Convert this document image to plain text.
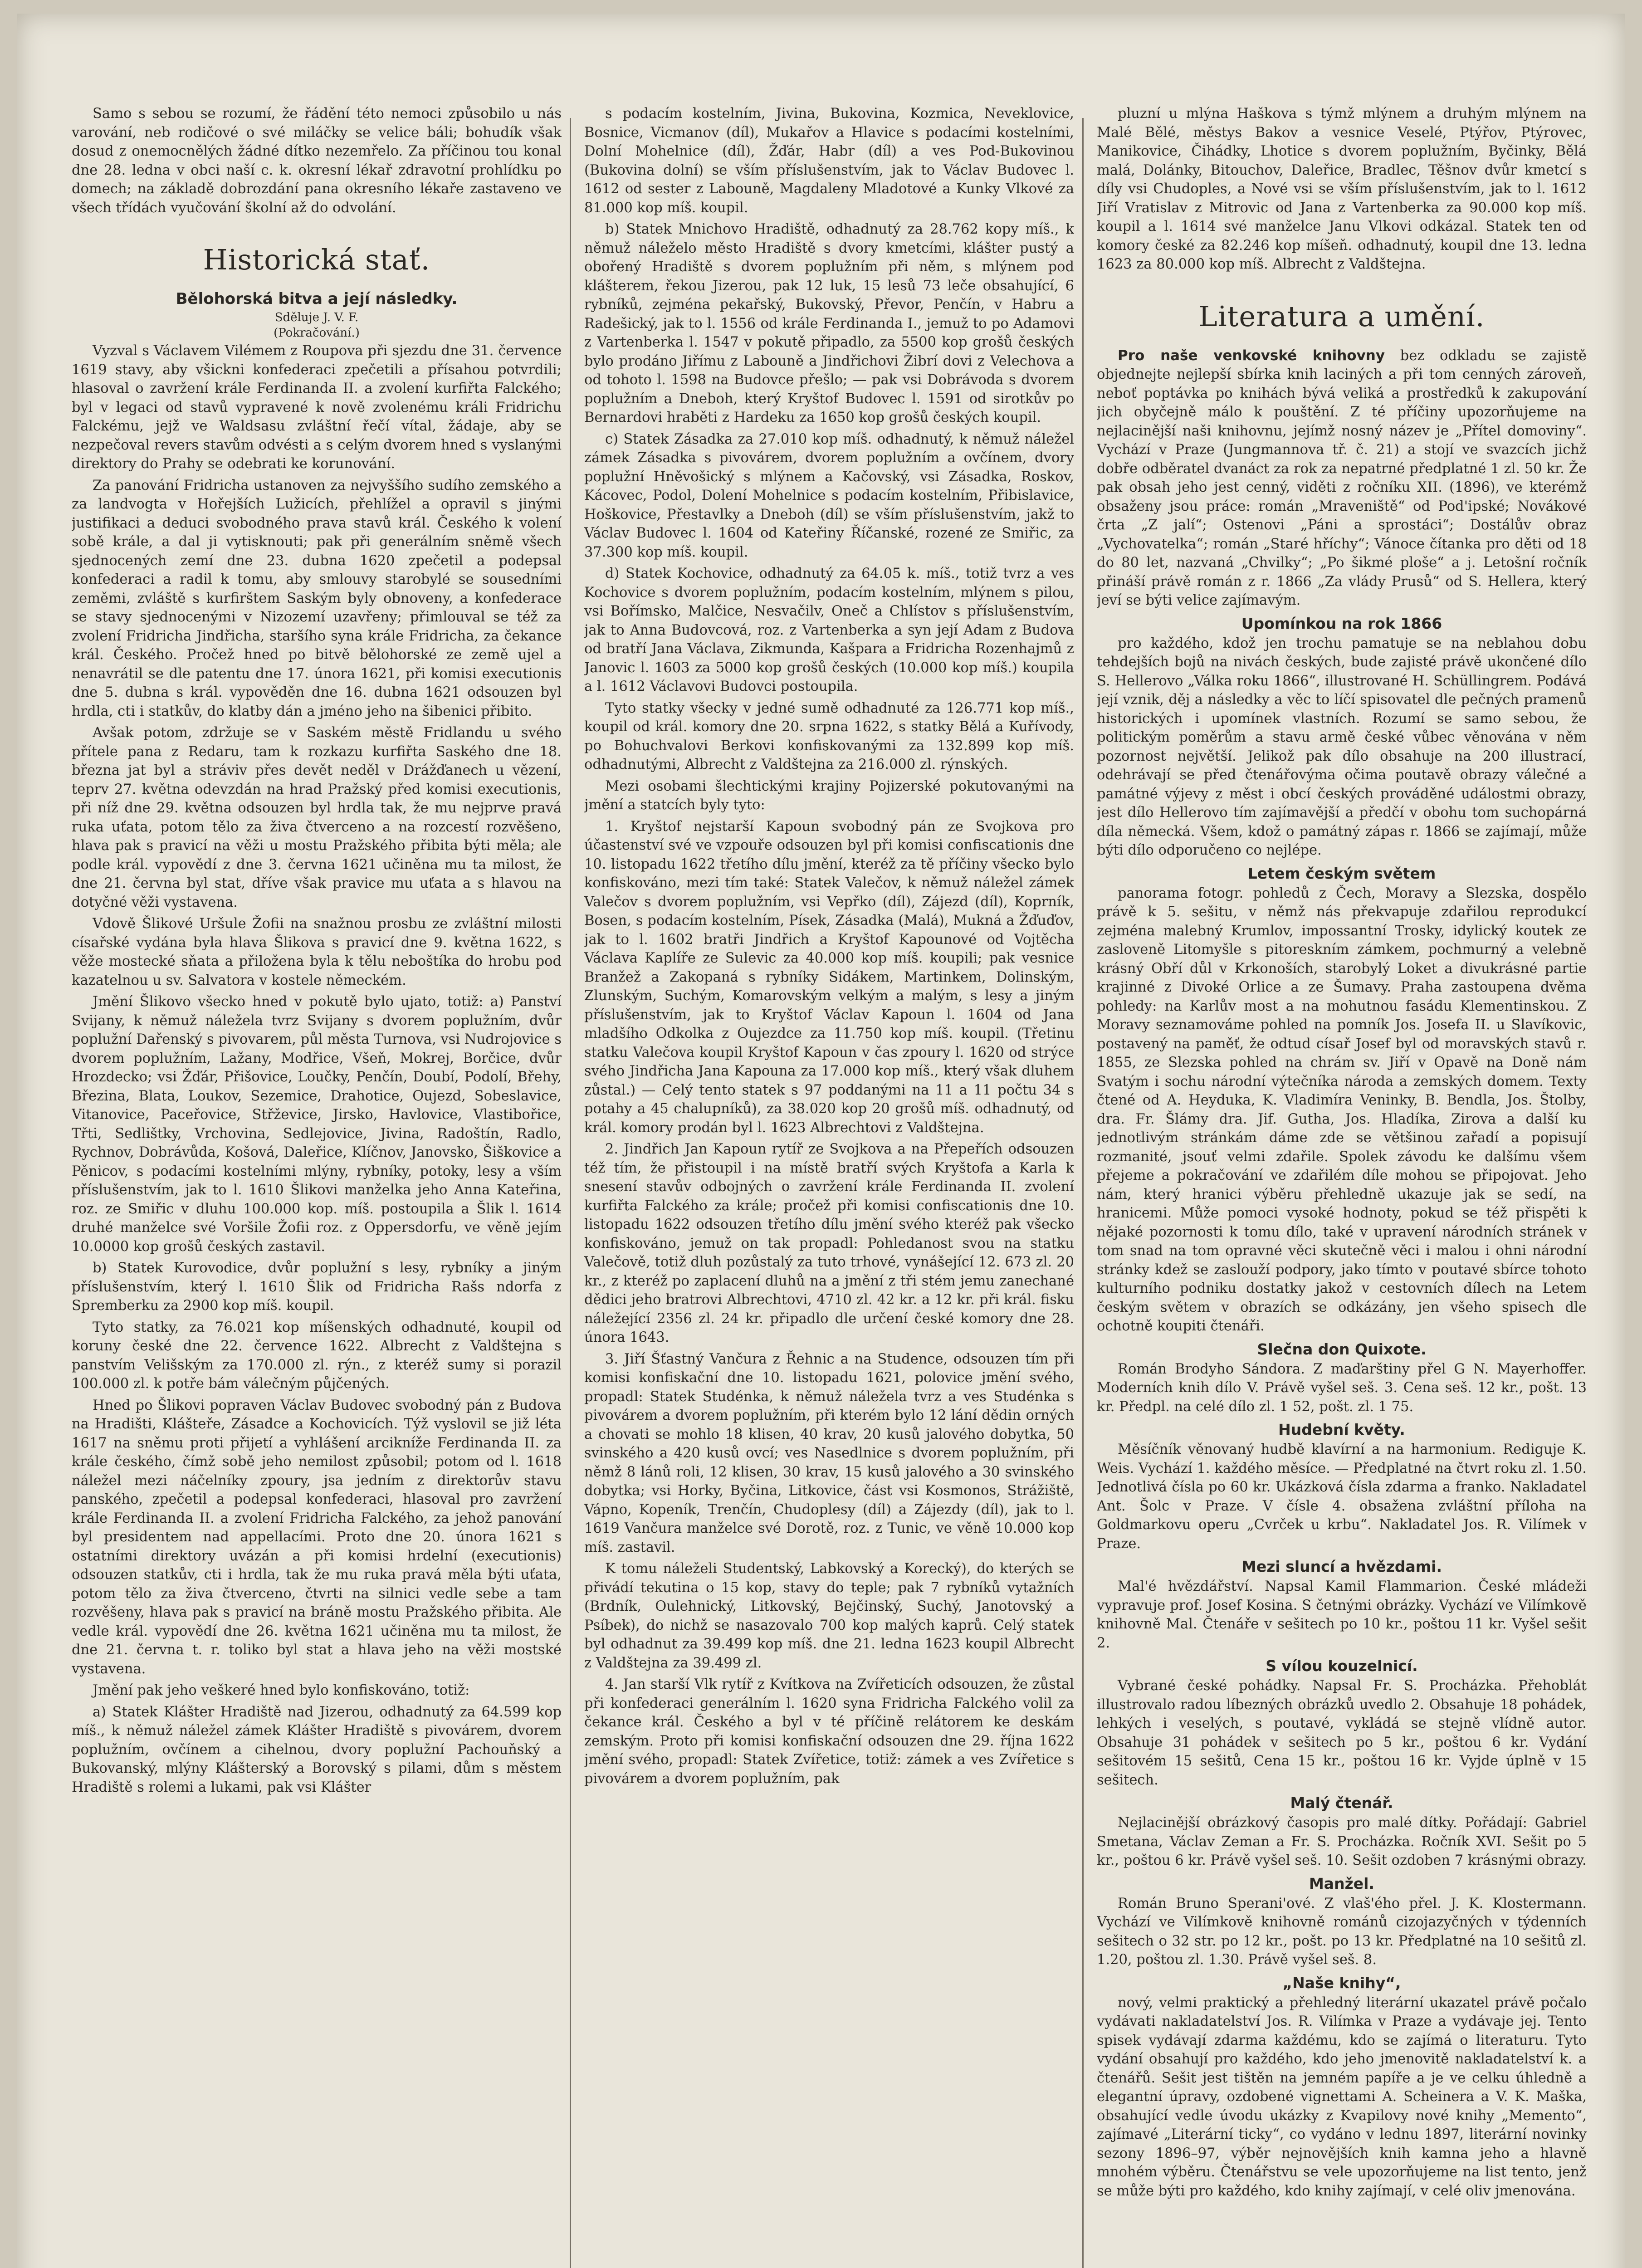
Samo s sebou se rozumí, že řádění této nemoci způsobilo u nás varování, neb rodičové o své miláčky se velice báli; bohudík však dosud z onemocnělých žádné dítko nezemřelo. Za příčinou tou konal dne 28. ledna v obci naší c. k. okresní lékař zdravotní prohlídku po domech; na základě dobrozdání pana okresního lékaře zastaveno ve všech třídách vyučování školní až do odvolání.

Historická stať.
Bělohorská bitva a její následky.
Sděluje J. V. F.
(Pokračování.)

Vyzval s Václavem Vilémem z Roupova při sjezdu dne 31. července 1619 stavy, aby všickni konfederaci zpečetili a přísahou potvrdili; hlasoval o zavržení krále Ferdinanda II. a zvolení kurfiřta Falckého; byl v legaci od stavů vypravené k nově zvolenému králi Fridrichu Falckému, jejž ve Waldsasu zvláštní řečí vítal, žádaje, aby se nezpečoval revers stavům odvésti a s celým dvorem hned s vyslanými direktory do Prahy se odebrati ke korunování.

Za panování Fridricha ustanoven za nejvyššího sudího zemského a za landvogta v Hořejších Lužicích, přehlížel a opravil s jinými justifikaci a deduci svobodného prava stavů král. Českého k volení sobě krále, a dal ji vytisknouti; pak při generálním sněmě všech sjednocených zemí dne 23. dubna 1620 zpečetil a podepsal konfederaci a radil k tomu, aby smlouvy starobylé se sousedními zeměmi, zvláště s kurfirštem Saským byly obnoveny, a konfederace se stavy sjednocenými v Nizozemí uzavřeny; přimlouval se též za zvolení Fridricha Jindřicha, staršího syna krále Fridricha, za čekance král. Českého. Pročež hned po bitvě bělohorské ze země ujel a nenavrátil se dle patentu dne 17. února 1621, při komisi executionis dne 5. dubna s král. vypověděn dne 16. dubna 1621 odsouzen byl hrdla, cti i statkův, do klatby dán a jméno jeho na šibenici přibito.

Avšak potom, zdržuje se v Saském městě Fridlandu u svého přítele pana z Redaru, tam k rozkazu kurfiřta Saského dne 18. března jat byl a stráviv přes devět neděl v Drážďanech u vězení, teprv 27. května odevzdán na hrad Pražský před komisi executionis, při níž dne 29. května odsouzen byl hrdla tak, že mu nejprve pravá ruka uťata, potom tělo za živa čtverceno a na rozcestí rozvěšeno, hlava pak s pravicí na věži u mostu Pražského přibita býti měla; ale podle král. vypovědí z dne 3. června 1621 učiněna mu ta milost, že dne 21. června byl stat, dříve však pravice mu uťata a s hlavou na dotyčné věži vystavena.

Vdově Šlikové Uršule Žofii na snažnou prosbu ze zvláštní milosti císařské vydána byla hlava Šlikova s pravicí dne 9. května 1622, s věže mostecké sňata a přiložena byla k tělu neboštíka do hrobu pod kazatelnou u sv. Salvatora v kostele německém.

Jmění Šlikovo všecko hned v pokutě bylo ujato, totiž: a) Panství Svijany, k němuž náležela tvrz Svijany s dvorem poplužním, dvůr poplužní Dařenský s pivovarem, půl města Turnova, vsi Nudrojovice s dvorem poplužním, Lažany, Modřice, Všeň, Mokrej, Borčice, dvůr Hrozdecko; vsi Žďár, Přišovice, Loučky, Penčín, Doubí, Podolí, Břehy, Březina, Blata, Loukov, Sezemice, Drahotice, Oujezd, Sobeslavice, Vitanovice, Paceřovice, Střževice, Jirsko, Havlovice, Vlastibořice, Třti, Sedlištky, Vrchovina, Sedlejovice, Jivina, Radoštín, Radlo, Rychnov, Dobrávůda, Košová, Daleřice, Klíčnov, Janovsko, Šiškovice a Pěnicov, s podacími kostelními mlýny, rybníky, potoky, lesy a vším příslušenstvím, jak to l. 1610 Šlikovi manželka jeho Anna Kateřina, roz. ze Smiřic v dluhu 100.000 kop. míš. postoupila a Šlik l. 1614 druhé manželce své Voršile Žofii roz. z Oppersdorfu, ve věně jejím 10.0000 kop grošů českých zastavil.

b) Statek Kurovodice, dvůr poplužní s lesy, rybníky a jiným příslušenstvím, který l. 1610 Šlik od Fridricha Rašs ndorfa z Spremberku za 2900 kop míš. koupil.

Tyto statky, za 76.021 kop míšenských odhadnuté, koupil od koruny české dne 22. července 1622. Albrecht z Valdštejna s panstvím Velišským za 170.000 zl. rýn., z kteréž sumy si porazil 100.000 zl. k potře bám válečným půjčených.

Hned po Šlikovi popraven Václav Budovec svobodný pán z Budova na Hradišti, Klášteře, Zásadce a Kochovicích. Týž vyslovil se již léta 1617 na sněmu proti přijetí a vyhlášení arcikníže Ferdinanda II. za krále českého, čímž sobě jeho nemilost způsobil; potom od l. 1618 náležel mezi náčelníky zpoury, jsa jedním z direktorův stavu panského, zpečetil a podepsal konfederaci, hlasoval pro zavržení krále Ferdinanda II. a zvolení Fridricha Falckého, za jehož panování byl presidentem nad appellacími. Proto dne 20. února 1621 s ostatními direktory uvázán a při komisi hrdelní (executionis) odsouzen statkův, cti i hrdla, tak že mu ruka pravá měla býti uťata, potom tělo za živa čtverceno, čtvrti na silnici vedle sebe a tam rozvěšeny, hlava pak s pravicí na bráně mostu Pražského přibita. Ale vedle král. vypovědí dne 26. května 1621 učiněna mu ta milost, že dne 21. června t. r. toliko byl stat a hlava jeho na věži mostské vystavena.

Jmění pak jeho veškeré hned bylo konfiskováno, totiž:

a) Statek Klášter Hradiště nad Jizerou, odhadnutý za 64.599 kop míš., k němuž náležel zámek Klášter Hradiště s pivovárem, dvorem poplužním, ovčínem a cihelnou, dvory poplužní Pachouňský a Bukovanský, mlýny Klášterský a Borovský s pilami, dům s městem Hradiště s rolemi a lukami, pak vsi Klášter

s podacím kostelním, Jivina, Bukovina, Kozmica, Neveklovice, Bosnice, Vicmanov (díl), Mukařov a Hlavice s podacími kostelními, Dolní Mohelnice (díl), Žďár, Habr (díl) a ves Pod-Bukovinou (Bukovina dolní) se vším příslušenstvím, jak to Václav Budovec l. 1612 od sester z Labouně, Magdaleny Mladotové a Kunky Vlkové za 81.000 kop míš. koupil.

b) Statek Mnichovo Hradiště, odhadnutý za 28.762 kopy míš., k němuž náleželo město Hradiště s dvory kmetcími, klášter pustý a obořený Hradiště s dvorem poplužním při něm, s mlýnem pod klášterem, řekou Jizerou, pak 12 luk, 15 lesů 73 leče obsahující, 6 rybníků, zejména pekařský, Bukovský, Převor, Penčín, v Habru a Radešický, jak to l. 1556 od krále Ferdinanda I., jemuž to po Adamovi z Vartenberka l. 1547 v pokutě připadlo, za 5500 kop grošů českých bylo prodáno Jiřímu z Labouně a Jindřichovi Žibrí dovi z Velechova a od tohoto l. 1598 na Budovce přešlo; — pak vsi Dobrávoda s dvorem poplužním a Dneboh, který Kryštof Budovec l. 1591 od sirotkův po Bernardovi hraběti z Hardeku za 1650 kop grošů českých koupil.

c) Statek Zásadka za 27.010 kop míš. odhadnutý, k němuž náležel zámek Zásadka s pivovárem, dvorem poplužním a ovčínem, dvory poplužní Hněvošický s mlýnem a Kačovský, vsi Zásadka, Roskov, Kácovec, Podol, Dolení Mohelnice s podacím kostelním, Přibislavice, Hoškovice, Přestavlky a Dneboh (díl) se vším příslušenstvím, jakž to Václav Budovec l. 1604 od Kateřiny Říčanské, rozené ze Smiřic, za 37.300 kop míš. koupil.

d) Statek Kochovice, odhadnutý za 64.05 k. míš., totiž tvrz a ves Kochovice s dvorem poplužním, podacím kostelním, mlýnem s pilou, vsi Bořímsko, Malčice, Nesvačilv, Oneč a Chlístov s příslušenstvím, jak to Anna Budovcová, roz. z Vartenberka a syn její Adam z Budova od bratří Jana Václava, Zikmunda, Kašpara a Fridricha Rozenhajmů z Janovic l. 1603 za 5000 kop grošů českých (10.000 kop míš.) koupila a l. 1612 Václavovi Budovci postoupila.

Tyto statky všecky v jedné sumě odhadnuté za 126.771 kop míš., koupil od král. komory dne 20. srpna 1622, s statky Bělá a Kuřívody, po Bohuchvalovi Berkovi konfiskovanými za 132.899 kop míš. odhadnutými, Albrecht z Valdštejna za 216.000 zl. rýnských.

Mezi osobami šlechtickými krajiny Pojizerské pokutovanými na jmění a statcích byly tyto:

1. Kryštof nejstarší Kapoun svobodný pán ze Svojkova pro účastenství své ve vzpouře odsouzen byl při komisi confiscationis dne 10. listopadu 1622 třetího dílu jmění, kteréž za tě příčiny všecko bylo konfiskováno, mezi tím také: Statek Valečov, k němuž náležel zámek Valečov s dvorem poplužním, vsi Vepřko (díl), Zájezd (díl), Koprník, Bosen, s podacím kostelním, Písek, Zásadka (Malá), Mukná a Žďuďov, jak to l. 1602 bratři Jindřich a Kryštof Kapounové od Vojtěcha Václava Kaplíře ze Sulevic za 40.000 kop míš. koupili; pak vesnice Branžež a Zakopaná s rybníky Sidákem, Martinkem, Dolinským, Zlunským, Suchým, Komarovským velkým a malým, s lesy a jiným příslušenstvím, jak to Kryštof Václav Kapoun l. 1604 od Jana mladšího Odkolka z Oujezdce za 11.750 kop míš. koupil. (Třetinu statku Valečova koupil Kryštof Kapoun v čas zpoury l. 1620 od strýce svého Jindřicha Jana Kapouna za 17.000 kop míš., který však dluhem zůstal.) — Celý tento statek s 97 poddanými na 11 a 11 počtu 34 s potahy a 45 chalupníků), za 38.020 kop 20 grošů míš. odhadnutý, od král. komory prodán byl l. 1623 Albrechtovi z Valdštejna.

2. Jindřich Jan Kapoun rytíř ze Svojkova a na Přepeřích odsouzen též tím, že přistoupil i na místě bratří svých Kryštofa a Karla k snesení stavův odbojných o zavržení krále Ferdinanda II. zvolení kurfiřta Falckého za krále; pročež při komisi confiscationis dne 10. listopadu 1622 odsouzen třetího dílu jmění svého kteréž pak všecko konfiskováno, jemuž on tak propadl: Pohledanost svou na statku Valečově, totiž dluh pozůstalý za tuto trhové, vynášející 12. 673 zl. 20 kr., z kteréž po zaplacení dluhů na a jmění z tři stém jemu zanechané dědici jeho bratrovi Albrechtovi, 4710 zl. 42 kr. a 12 kr. při král. fisku náležející 2356 zl. 24 kr. připadlo dle určení české komory dne 28. února 1643.

3. Jiří Šťastný Vančura z Řehnic a na Studence, odsouzen tím při komisi konfiskační dne 10. listopadu 1621, polovice jmění svého, propadl: Statek Studénka, k němuž náležela tvrz a ves Studénka s pivovárem a dvorem poplužním, při kterém bylo 12 lání dědin orných a chovati se mohlo 18 klisen, 40 krav, 20 kusů jalového dobytka, 50 svinského a 420 kusů ovcí; ves Nasedlnice s dvorem poplužním, při němž 8 lánů roli, 12 klisen, 30 krav, 15 kusů jalového a 30 svinského dobytka; vsi Horky, Byčina, Litkovice, část vsi Kosmonos, Strážiště, Vápno, Kopeník, Trenčín, Chudoplesy (díl) a Zájezdy (díl), jak to l. 1619 Vančura manželce své Dorotě, roz. z Tunic, ve věně 10.000 kop míš. zastavil.

K tomu náleželi Studentský, Labkovský a Korecký), do kterých se přivádí tekutina o 15 kop, stavy do teple; pak 7 rybníků vytažních (Brdník, Oulehnický, Litkovský, Bejčinský, Suchý, Janotovský a Psíbek), do nichž se nasazovalo 700 kop malých kaprů. Celý statek byl odhadnut za 39.499 kop míš. dne 21. ledna 1623 koupil Albrecht z Valdštejna za 39.499 zl.

4. Jan starší Vlk rytíř z Kvítkova na Zvířeticích odsouzen, že zůstal při konfederaci generálním l. 1620 syna Fridricha Falckého volil za čekance král. Českého a byl v té příčině relátorem ke deskám zemským. Proto při komisi konfiskační odsouzen dne 29. října 1622 jmění svého, propadl: Statek Zvířetice, totiž: zámek a ves Zvířetice s pivovárem a dvorem poplužním, pak

pluzní u mlýna Haškova s týmž mlýnem a druhým mlýnem na Malé Bělé, městys Bakov a vesnice Veselé, Ptýřov, Ptýrovec, Manikovice, Čihádky, Lhotice s dvorem poplužním, Byčinky, Bělá malá, Dolánky, Bitouchov, Daleřice, Bradlec, Těšnov dvůr kmetcí s díly vsi Chudoples, a Nové vsi se vším příslušenstvím, jak to l. 1612 Jiří Vratislav z Mitrovic od Jana z Vartenberka za 90.000 kop míš. koupil a l. 1614 své manželce Janu Vlkovi odkázal. Statek ten od komory české za 82.246 kop míšeň. odhadnutý, koupil dne 13. ledna 1623 za 80.000 kop míš. Albrecht z Valdštejna.

Literatura a umění.

Pro naše venkovské knihovny bez odkladu se zajistě objednejte nejlepší sbírka knih laciných a při tom cenných zároveň, neboť poptávka po knihách bývá veliká a prostředků k zakupování jich obyčejně málo k pouštění. Z té příčiny upozorňujeme na nejlacinější naši knihovnu, jejímž nosný název je „Přítel domoviny“. Vychází v Praze (Jungmannova tř. č. 21) a stojí ve svazcích jichž dobře odběratel dvanáct za rok za nepatrné předplatné 1 zl. 50 kr. Že pak obsah jeho jest cenný, viděti z ročníku XII. (1896), ve kterémž obsaženy jsou práce: román „Mraveniště“ od Pod'ipské; Novákové črta „Z jalí“; Ostenovi „Páni a sprostáci“; Dostálův obraz „Vychovatelka“; román „Staré hříchy“; Vánoce čítanka pro děti od 18 do 80 let, nazvaná „Chvilky“; „Po šikmé ploše“ a j. Letošní ročník přináší právě román z r. 1866 „Za vlády Prusů“ od S. Hellera, který jeví se býti velice zajímavým.

Upomínkou na rok 1866

pro každého, kdož jen trochu pamatuje se na neblahou dobu tehdejších bojů na nivách českých, bude zajisté právě ukončené dílo S. Hellerovo „Válka roku 1866“, illustrované H. Schüllingrem. Podává její vznik, děj a následky a věc to líčí spisovatel dle pečných pramenů historických i upomínek vlastních. Rozumí se samo sebou, že politickým poměrům a stavu armě české vůbec věnována v něm pozornost největší. Jelikož pak dílo obsahuje na 200 illustrací, odehrávají se před čtenářovýma očima poutavě obrazy válečné a památné výjevy z měst i obcí českých prováděné událostmi obrazy, jest dílo Hellerovo tím zajímavější a předčí v obohu tom suchopárná díla německá. Všem, kdož o památný zápas r. 1866 se zajímají, může býti dílo odporučeno co nejlépe.

Letem českým světem

panorama fotogr. pohledů z Čech, Moravy a Slezska, dospělo právě k 5. sešitu, v němž nás překvapuje zdařilou reprodukcí zejména malebný Krumlov, impossantní Trosky, idylický koutek ze zasloveně Litomyšle s pitoreskním zámkem, pochmurný a velebně krásný Obří důl v Krkonoších, starobylý Loket a divukrásné partie krajinné z Divoké Orlice a ze Šumavy. Praha zastoupena dvěma pohledy: na Karlův most a na mohutnou fasádu Klementinskou. Z Moravy seznamováme pohled na pomník Jos. Josefa II. u Slavíkovic, postavený na paměť, že odtud císař Josef byl od moravských stavů r. 1855, ze Slezska pohled na chrám sv. Jiří v Opavě na Doně nám Svatým i sochu národní výtečníka národa a zemských domem. Texty čtené od A. Heyduka, K. Vladimíra Veninky, B. Bendla, Jos. Štolby, dra. Fr. Šlámy dra. Jif. Gutha, Jos. Hladíka, Zirova a další ku jednotlivým stránkám dáme zde se většinou zařadí a popisují rozmanité, jsouť velmi zdařile. Spolek závodu ke dalšímu všem přejeme a pokračování ve zdařilém díle mohou se připojovat. Jeho nám, který hranici výběru přehledně ukazuje jak se sedí, na hranicemi. Může pomoci vysoké hodnoty, pokud se též přispěti k nějaké pozornosti k tomu dílo, také v upravení národních stránek v tom snad na tom opravné věci skutečně věci i malou i ohni národní stránky kdež se zaslouží podpory, jako tímto v poutavé sbírce tohoto kulturního podniku dostatky jakož v cestovních dílech na Letem českým světem v obrazích se odkázány, jen všeho spisech dle ochotně koupiti čtenáři.

Slečna don Quixote.

Román Brodyho Sándora. Z maďarštiny přel G N. Mayerhoffer. Moderních knih dílo V. Právě vyšel seš. 3. Cena seš. 12 kr., pošt. 13 kr. Předpl. na celé dílo zl. 1 52, pošt. zl. 1 75.

Hudební květy.

Měsíčník věnovaný hudbě klavírní a na harmonium. Rediguje K. Weis. Vychází 1. každého měsíce. — Předplatné na čtvrt roku zl. 1.50. Jednotlivá čísla po 60 kr. Ukázková čísla zdarma a franko. Nakladatel Ant. Šolc v Praze. V čísle 4. obsažena zvláštní příloha na Goldmarkovu operu „Cvrček u krbu“. Nakladatel Jos. R. Vilímek v Praze.

Mezi sluncí a hvězdami.

Mal'é hvězdářství. Napsal Kamil Flammarion. České mládeži vypravuje prof. Josef Kosina. S četnými obrázky. Vychází ve Vilímkově knihovně Mal. Čtenáře v sešitech po 10 kr., poštou 11 kr. Vyšel sešit 2.

S vílou kouzelnicí.

Vybrané české pohádky. Napsal Fr. S. Procházka. Přehoblát illustrovalo radou líbezných obrázků uvedlo 2. Obsahuje 18 pohádek, lehkých i veselých, s poutavé, vykládá se stejně vlídně autor. Obsahuje 31 pohádek v sešitech po 5 kr., poštou 6 kr. Vydání sešitovém 15 sešitů, Cena 15 kr., poštou 16 kr. Vyjde úplně v 15 sešitech.

Malý čtenář.

Nejlacinější obrázkový časopis pro malé dítky. Pořádají: Gabriel Smetana, Václav Zeman a Fr. S. Procházka. Ročník XVI. Sešit po 5 kr., poštou 6 kr. Právě vyšel seš. 10. Sešit ozdoben 7 krásnými obrazy.

Manžel.

Román Bruno Sperani'ové. Z vlaš'ého přel. J. K. Klostermann. Vychází ve Vilímkově knihovně románů cizojazyčných v týdenních sešitech o 32 str. po 12 kr., pošt. po 13 kr. Předplatné na 10 sešitů zl. 1.20, poštou zl. 1.30. Právě vyšel seš. 8.

„Naše knihy“,

nový, velmi praktický a přehledný literární ukazatel právě počalo vydávati nakladatelství Jos. R. Vilímka v Praze a vydávaje jej. Tento spisek vydávají zdarma každému, kdo se zajímá o literaturu. Tyto vydání obsahují pro každého, kdo jeho jmenovitě nakladatelství k. a čtenářů. Sešit jest tištěn na jemném papíře a je ve celku úhledně a elegantní úpravy, ozdobené vignettami A. Scheinera a V. K. Maška, obsahující vedle úvodu ukázky z Kvapilovy nové knihy „Memento“, zajímavé „Literární ticky“, co vydáno v lednu 1897, literární novinky sezony 1896–97, výběr nejnovějších knih kamna jeho a hlavně mnohém výběru. Čtenářstvu se vele upozorňujeme na list tento, jenž se může býti pro každého, kdo knihy zajímají, v celé oliv jmenována.
